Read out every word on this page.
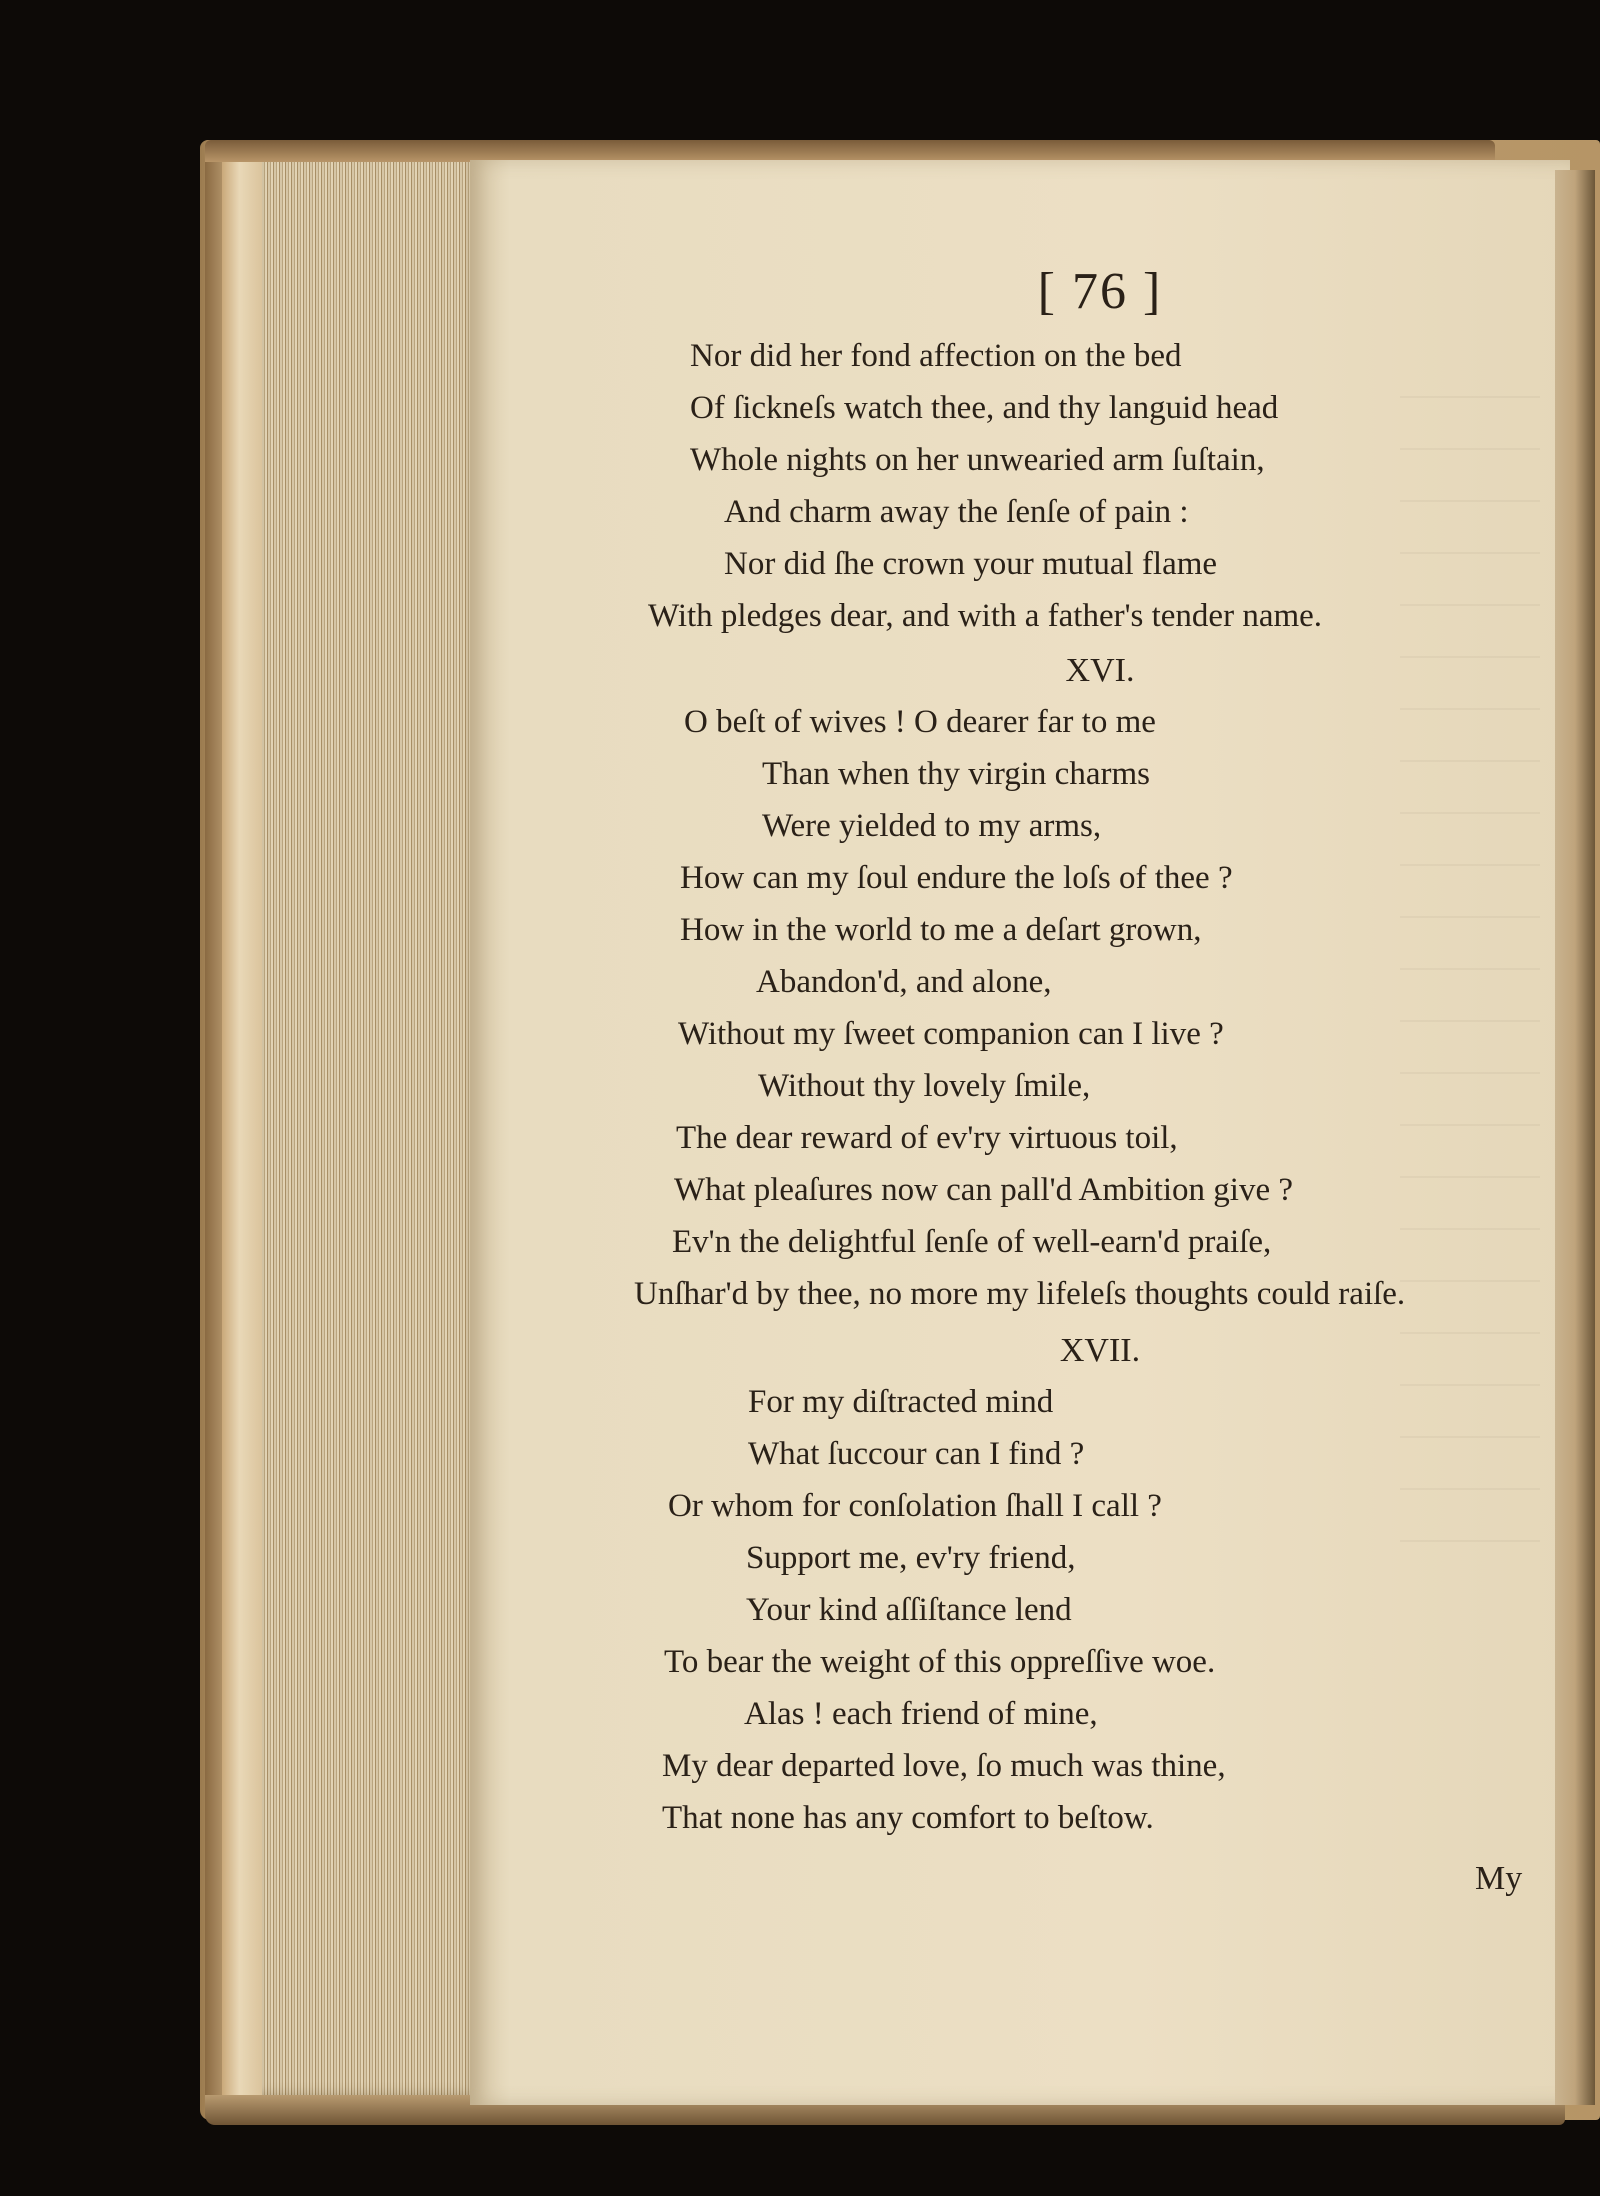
[ 76 ]
Nor did her fond affection on the bed
Of ſickneſs watch thee, and thy languid head
Whole nights on her unwearied arm ſuſtain,
And charm away the ſenſe of pain :
Nor did ſhe crown your mutual flame
With pledges dear, and with a father's tender name.
XVI.
O beſt of wives ! O dearer far to me
Than when thy virgin charms
Were yielded to my arms,
How can my ſoul endure the loſs of thee ?
How in the world to me a deſart grown,
Abandon'd, and alone,
Without my ſweet companion can I live ?
Without thy lovely ſmile,
The dear reward of ev'ry virtuous toil,
What pleaſures now can pall'd Ambition give ?
Ev'n the delightful ſenſe of well-earn'd praiſe,
Unſhar'd by thee, no more my lifeleſs thoughts could raiſe.
XVII.
For my diſtracted mind
What ſuccour can I find ?
Or whom for conſolation ſhall I call ?
Support me, ev'ry friend,
Your kind aſſiſtance lend
To bear the weight of this oppreſſive woe.
Alas ! each friend of mine,
My dear departed love, ſo much was thine,
That none has any comfort to beſtow.
My
